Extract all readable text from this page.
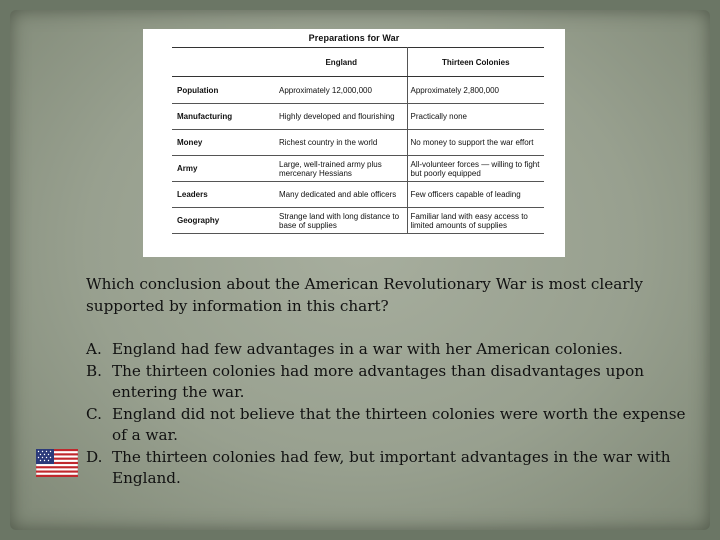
Preparations for War
	England	Thirteen Colonies
Population	Approximately 12,000,000	Approximately 2,800,000
Manufacturing	Highly developed and flourishing	Practically none
Money	Richest country in the world	No money to support the war effort
Army	Large, well-trained army plus mercenary Hessians	All-volunteer forces — willing to fight but poorly equipped
Leaders	Many dedicated and able officers	Few officers capable of leading
Geography	Strange land with long distance to base of supplies	Familiar land with easy access to limited amounts of supplies
Which conclusion about the American Revolutionary War is most clearly supported by information in this chart?
A. England had few advantages in a war with her American colonies.
B. The thirteen colonies had more advantages than disadvantages upon entering the war.
C. England did not believe that the thirteen colonies were worth the expense of a war.
D. The thirteen colonies had few, but important advantages in the war with England.
